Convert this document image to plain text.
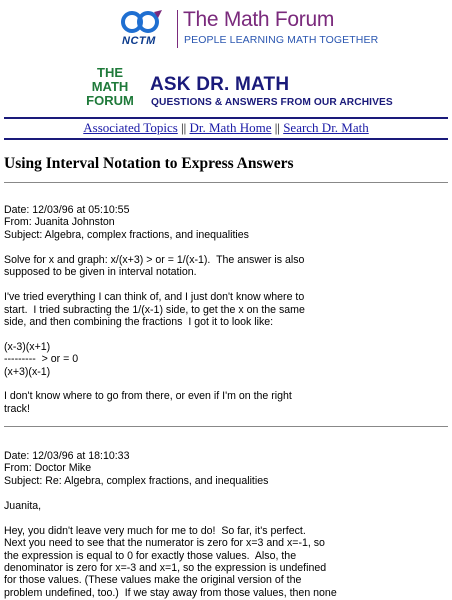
NCTM
The Math Forum
PEOPLE LEARNING MATH TOGETHER
THE
MATH
FORUM
ASK DR. MATH
QUESTIONS & ANSWERS FROM OUR ARCHIVES
Associated Topics || Dr. Math Home || Search Dr. Math
Using Interval Notation to Express Answers
Date: 12/03/96 at 05:10:55
From: Juanita Johnston
Subject: Algebra, complex fractions, and inequalities
Solve for x and graph: x/(x+3) > or = 1/(x-1).  The answer is also
supposed to be given in interval notation.

I've tried everything I can think of, and I just don't know where to
start.  I tried subracting the 1/(x-1) side, to get the x on the same
side, and then combining the fractions  I got it to look like:

(x-3)(x+1)
---------  > or = 0
(x+3)(x-1)

I don't know where to go from there, or even if I'm on the right
track!
Date: 12/03/96 at 18:10:33
From: Doctor Mike
Subject: Re: Algebra, complex fractions, and inequalities
Juanita,

Hey, you didn't leave very much for me to do!  So far, it's perfect.
Next you need to see that the numerator is zero for x=3 and x=-1, so
the expression is equal to 0 for exactly those values.  Also, the
denominator is zero for x=-3 and x=1, so the expression is undefined
for those values. (These values make the original version of the
problem undefined, too.)  If we stay away from those values, then none
